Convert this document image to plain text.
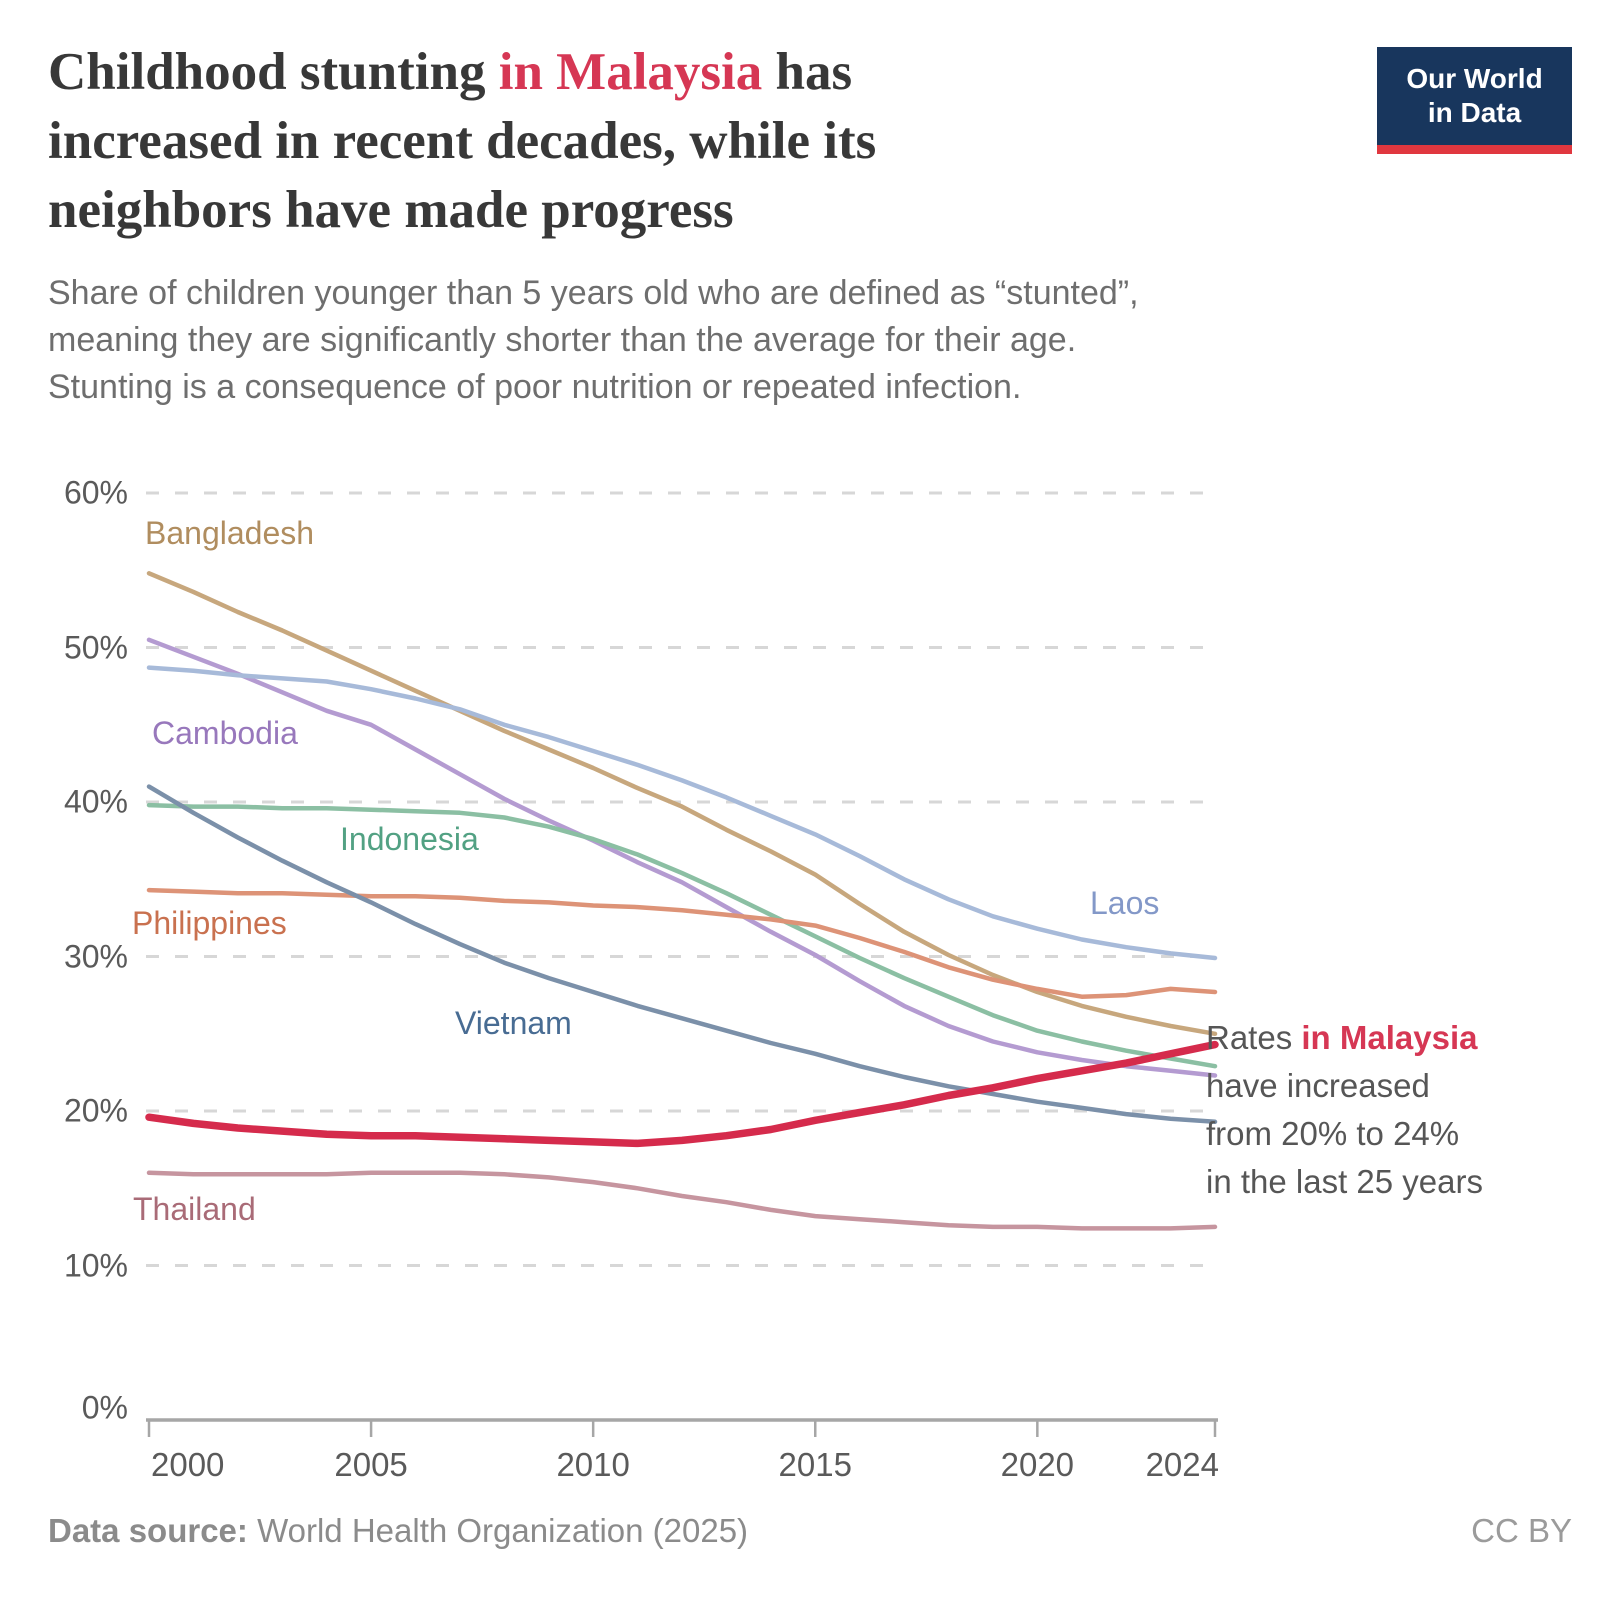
Childhood stunting in Malaysia has
increased in recent decades, while its
neighbors have made progress
Share of children younger than 5 years old who are defined as “stunted”,
meaning they are significantly shorter than the average for their age.
Stunting is a consequence of poor nutrition or repeated infection.
Our World
in Data
0%
10%
20%
30%
40%
50%
60%
2000	2005	2010	2015	2020 2024
Bangladesh
Cambodia
Laos
Indonesia
Philippines
Vietnam
Thailand
Rates in Malaysia
have increased
from 20% to 24%
in the last 25 years
Data source: World Health Organization (2025)	CC BY
